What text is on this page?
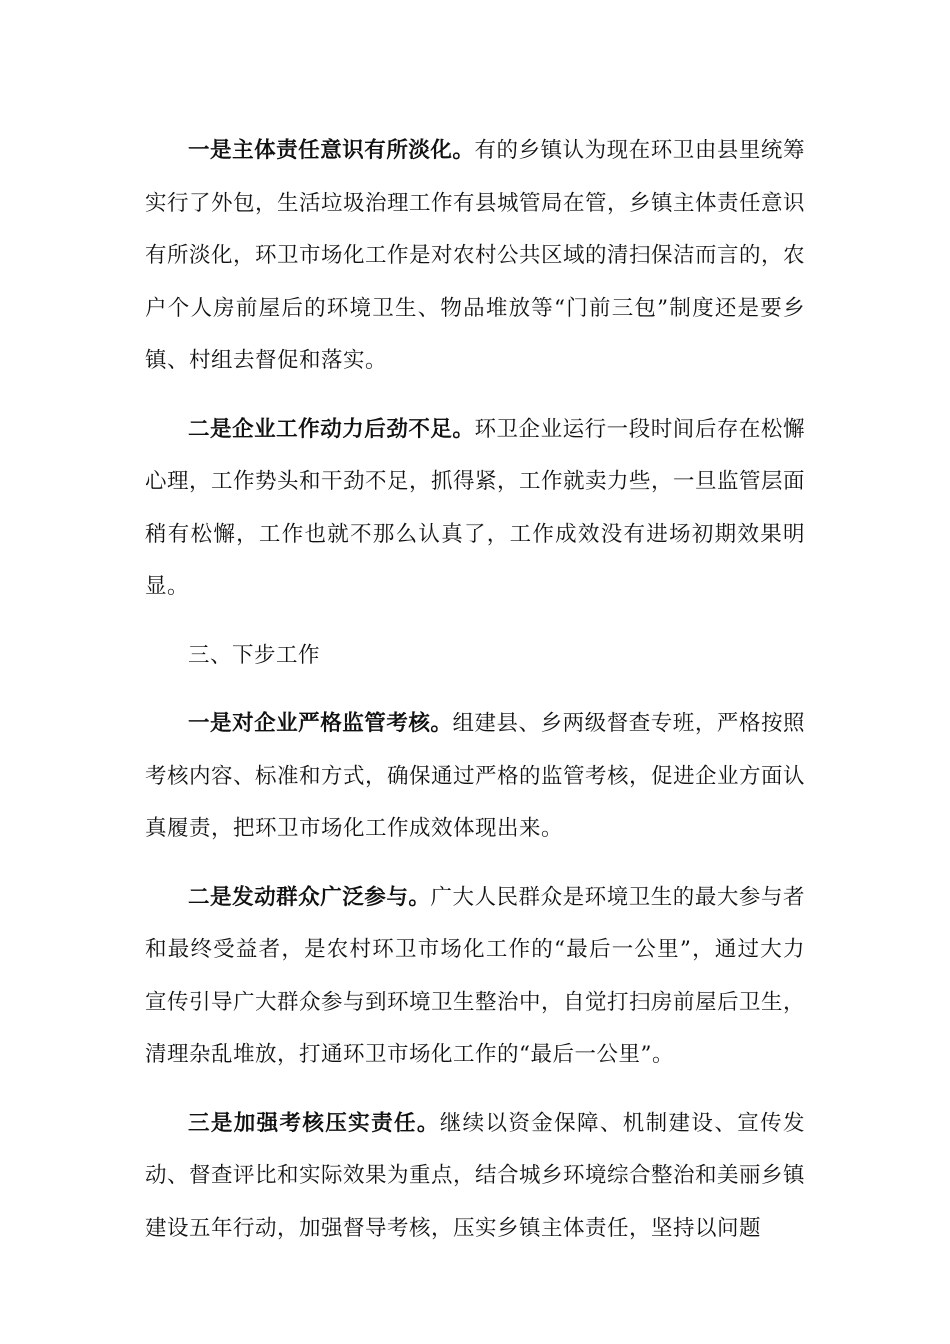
一是主体责任意识有所淡化。有的乡镇认为现在环卫由县里统筹实行了外包，生活垃圾治理工作有县城管局在管，乡镇主体责任意识有所淡化，环卫市场化工作是对农村公共区域的清扫保洁而言的，农户个人房前屋后的环境卫生、物品堆放等“门前三包”制度还是要乡镇、村组去督促和落实。

二是企业工作动力后劲不足。环卫企业运行一段时间后存在松懈心理，工作势头和干劲不足，抓得紧，工作就卖力些，一旦监管层面稍有松懈，工作也就不那么认真了，工作成效没有进场初期效果明显。

三、下步工作

一是对企业严格监管考核。组建县、乡两级督查专班，严格按照考核内容、标准和方式，确保通过严格的监管考核，促进企业方面认真履责，把环卫市场化工作成效体现出来。

二是发动群众广泛参与。广大人民群众是环境卫生的最大参与者和最终受益者，是农村环卫市场化工作的“最后一公里”，通过大力宣传引导广大群众参与到环境卫生整治中，自觉打扫房前屋后卫生，清理杂乱堆放，打通环卫市场化工作的“最后一公里”。

三是加强考核压实责任。继续以资金保障、机制建设、宣传发动、督查评比和实际效果为重点，结合城乡环境综合整治和美丽乡镇建设五年行动，加强督导考核，压实乡镇主体责任，坚持以问题
